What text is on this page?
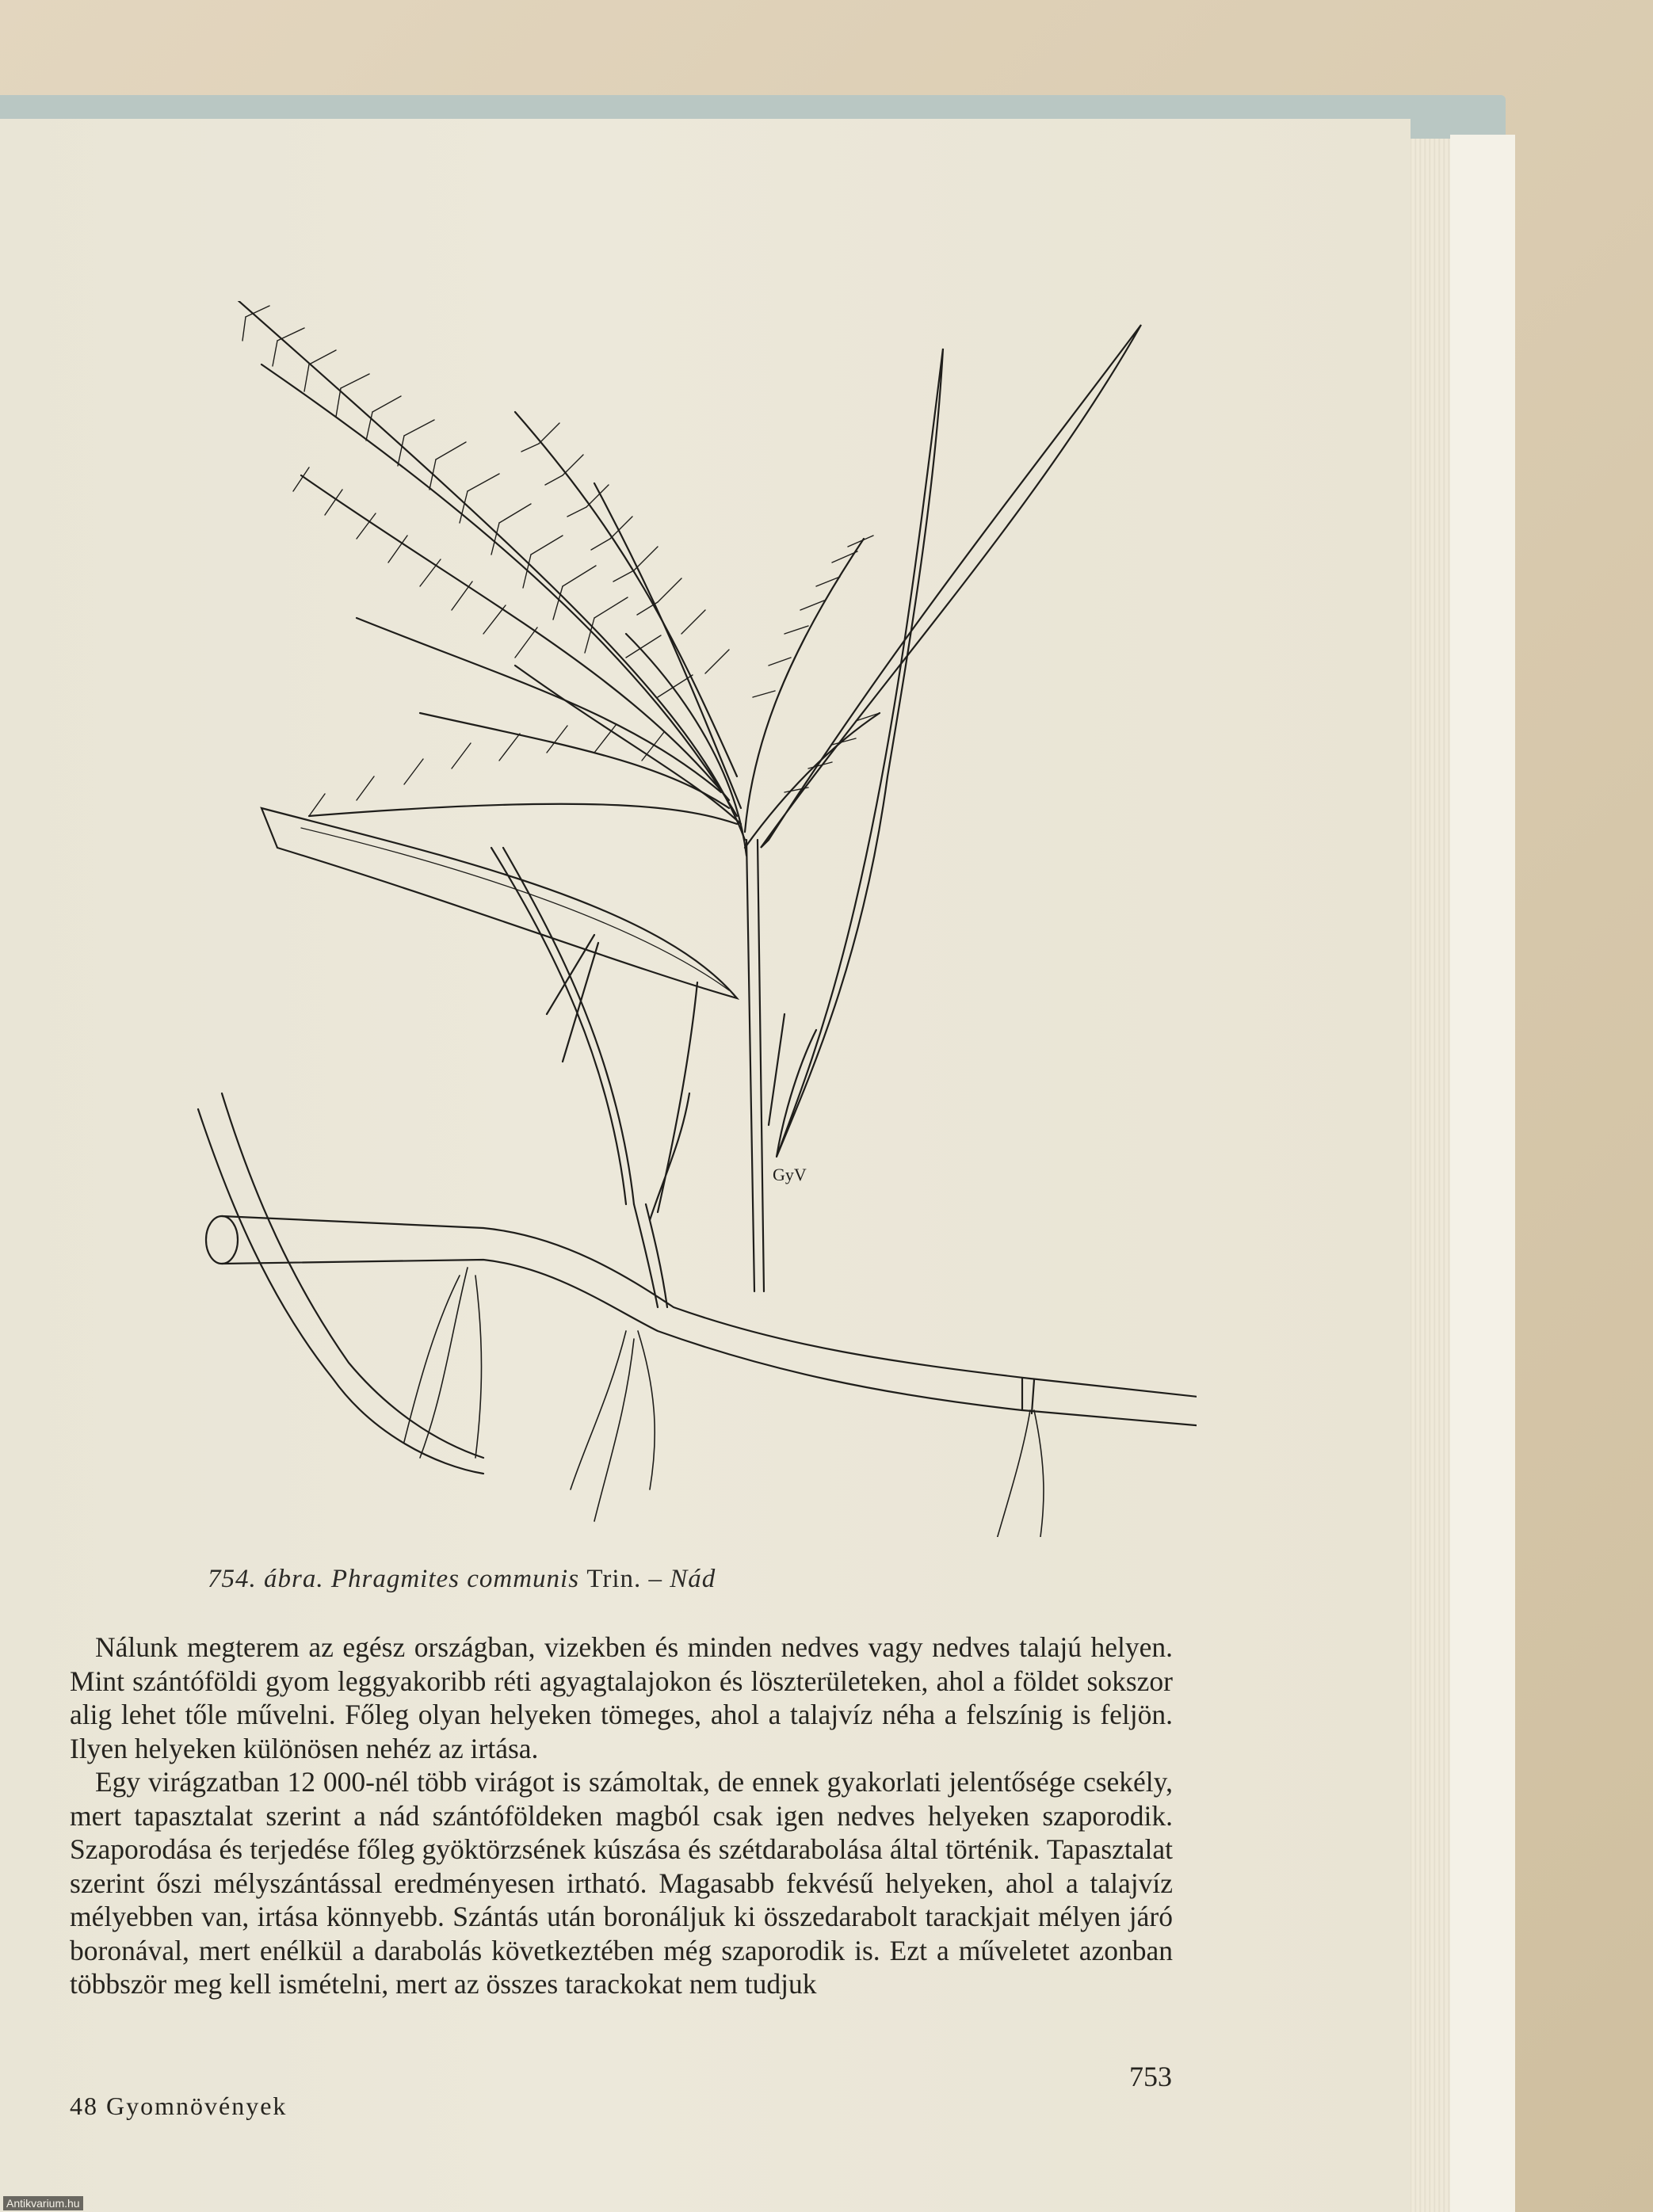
GyV
754. ábra. Phragmites communis Trin. – Nád

Nálunk megterem az egész országban, vizekben és minden nedves vagy nedves talajú helyen. Mint szántóföldi gyom leggyakoribb réti agyagtalajokon és löszterületeken, ahol a földet sokszor alig lehet tőle művelni. Főleg olyan helyeken tömeges, ahol a talajvíz néha a felszínig is feljön. Ilyen helyeken különösen nehéz az irtása.

Egy virágzatban 12 000-nél több virágot is számoltak, de ennek gyakorlati jelentősége csekély, mert tapasztalat szerint a nád szántóföldeken magból csak igen nedves helyeken szaporodik. Szaporodása és terjedése főleg gyöktörzsének kúszása és szétdarabolása által történik. Tapasztalat szerint őszi mélyszántással eredményesen irtható. Magasabb fekvésű helyeken, ahol a talajvíz mélyebben van, irtása könnyebb. Szántás után boronáljuk ki összedarabolt tarackjait mélyen járó boronával, mert enélkül a darabolás következtében még szaporodik is. Ezt a műveletet azonban többször meg kell ismételni, mert az összes tarackokat nem tudjuk

753
48 Gyomnövények
Antikvarium.hu
